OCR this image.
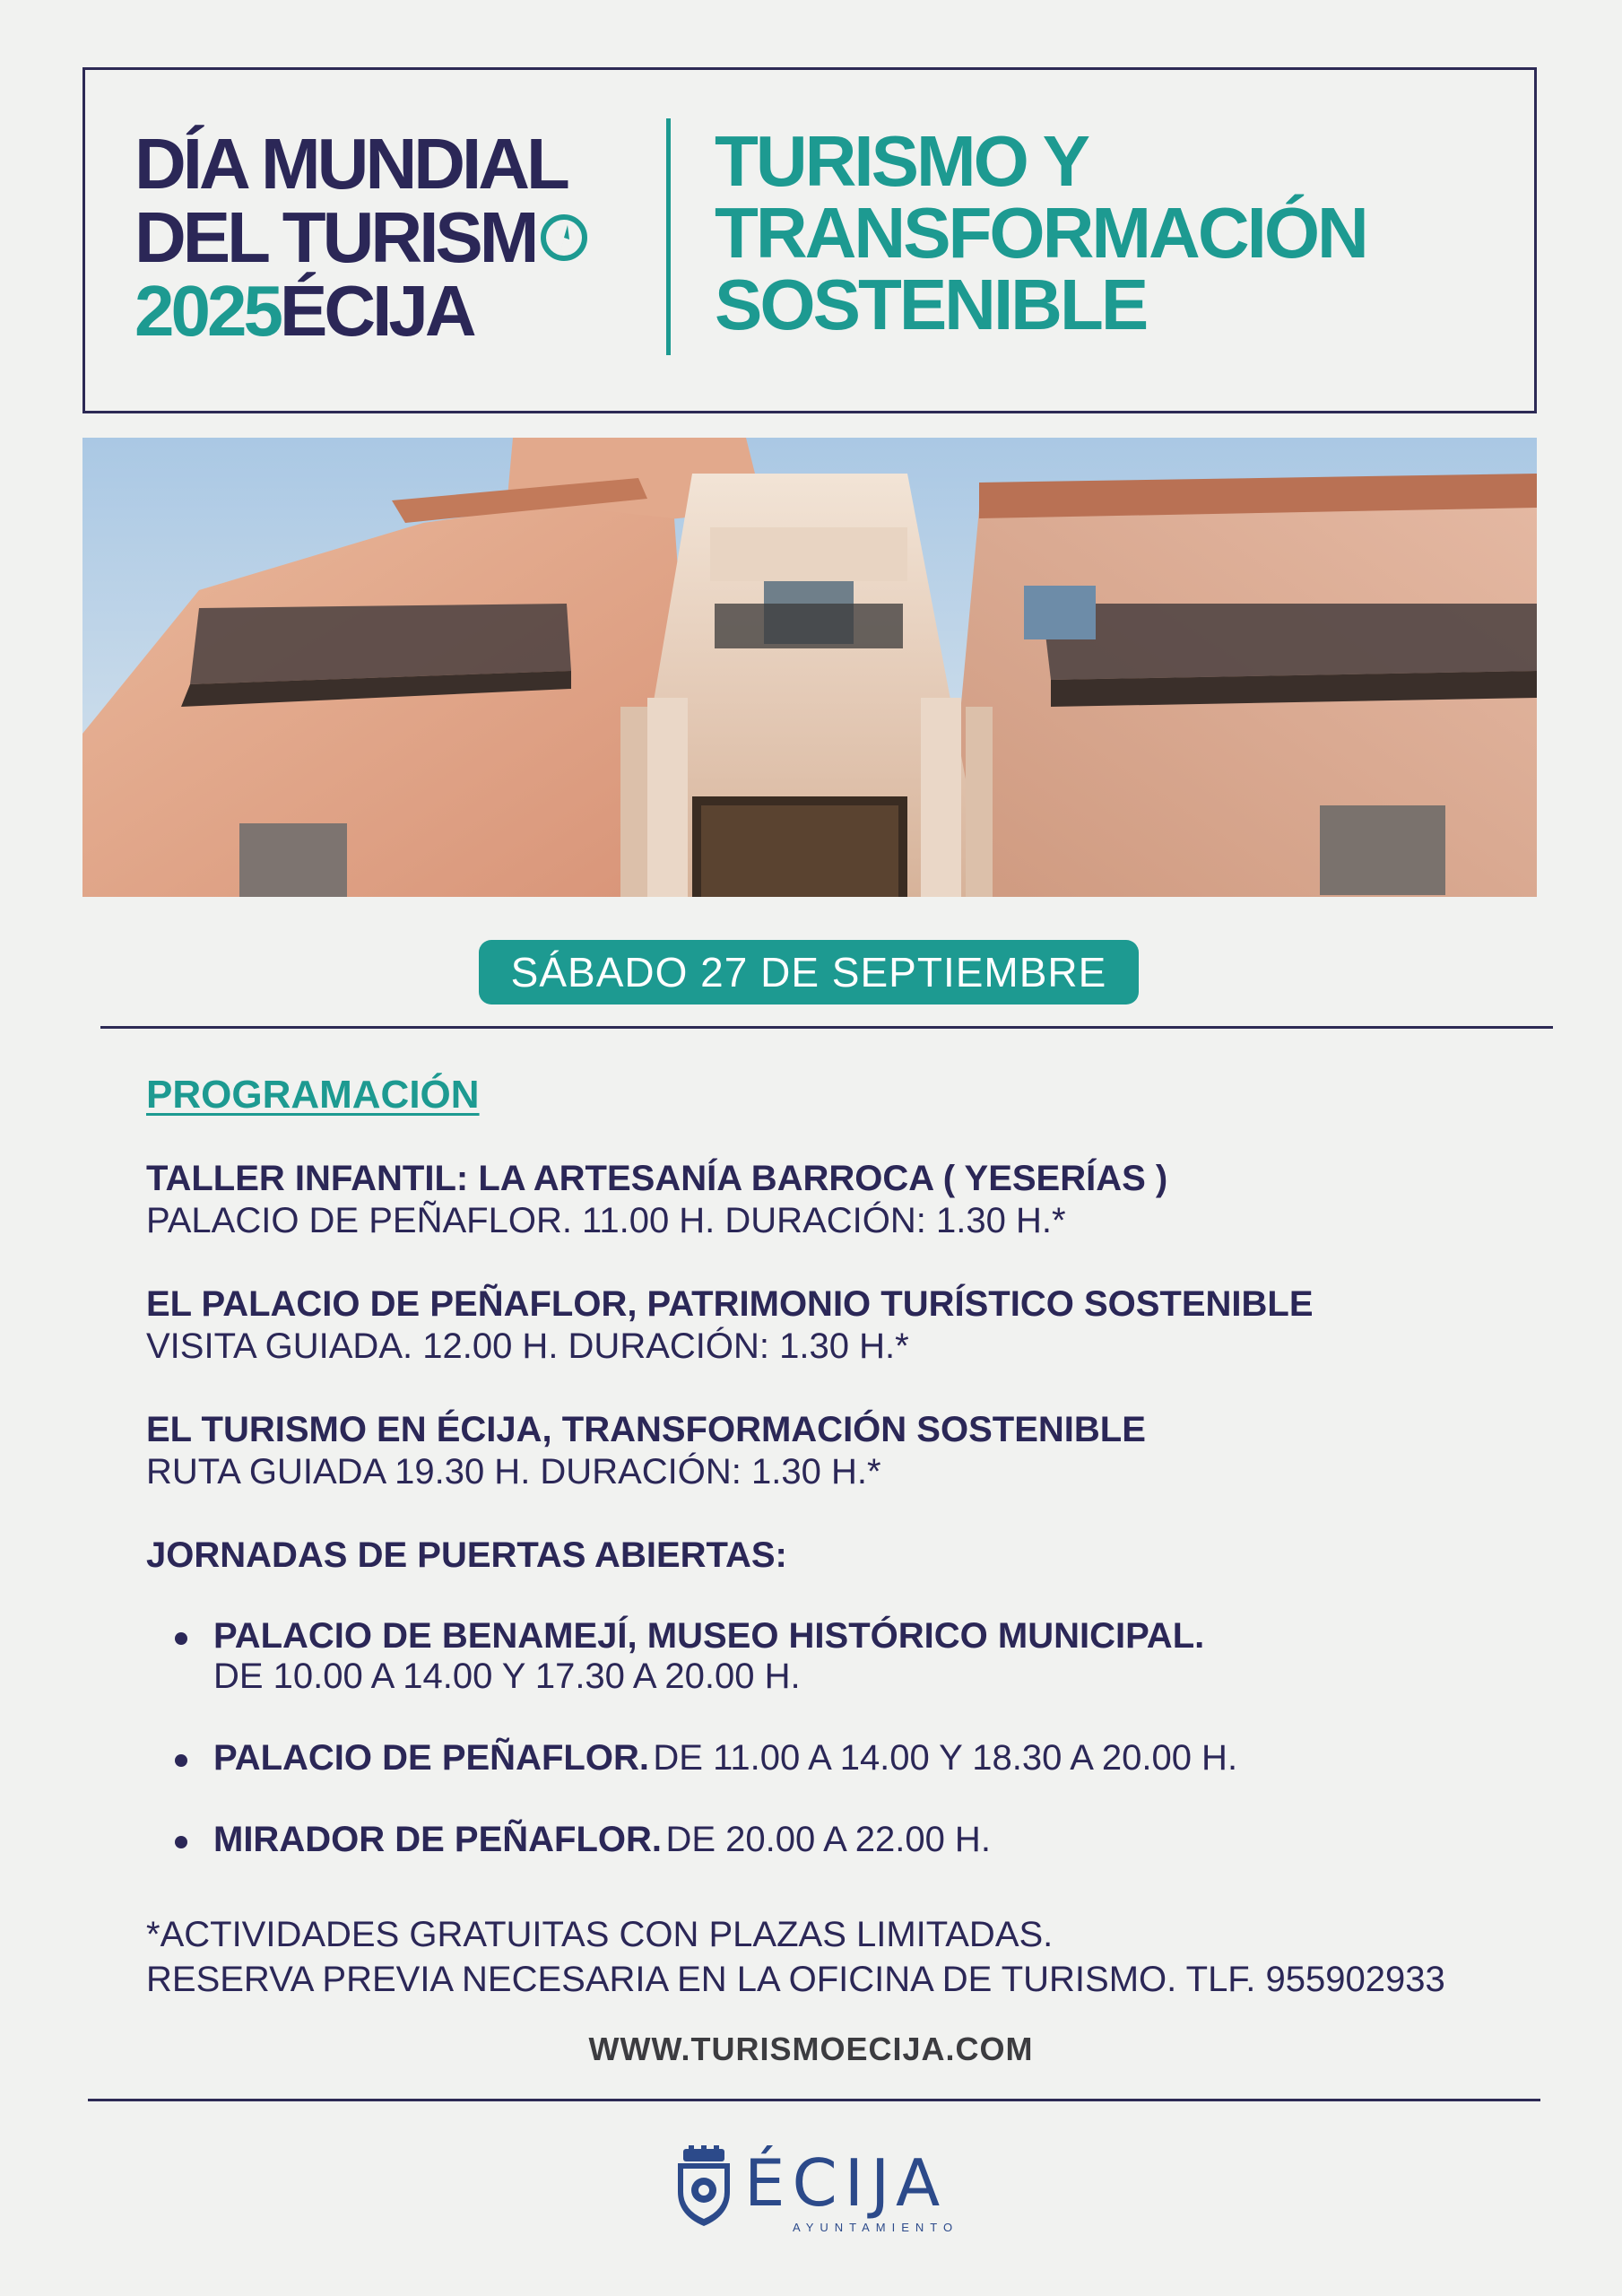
DÍA MUNDIAL
DEL TURISM
2025ÉCIJA
TURISMO Y
TRANSFORMACIÓN
SOSTENIBLE
SÁBADO 27 DE SEPTIEMBRE
PROGRAMACIÓN
TALLER INFANTIL: LA ARTESANÍA BARROCA ( YESERÍAS )
PALACIO DE PEÑAFLOR. 11.00 H. DURACIÓN: 1.30 H.*
EL PALACIO DE PEÑAFLOR, PATRIMONIO TURÍSTICO SOSTENIBLE
VISITA GUIADA. 12.00 H. DURACIÓN: 1.30 H.*
EL TURISMO EN ÉCIJA, TRANSFORMACIÓN SOSTENIBLE
RUTA GUIADA 19.30 H. DURACIÓN: 1.30 H.*
JORNADAS DE PUERTAS ABIERTAS:
PALACIO DE BENAMEJÍ, MUSEO HISTÓRICO MUNICIPAL.
DE 10.00 A 14.00 Y 17.30 A 20.00 H.
PALACIO DE PEÑAFLOR. DE 11.00 A 14.00 Y 18.30 A 20.00 H.
MIRADOR DE PEÑAFLOR. DE 20.00 A 22.00 H.
*ACTIVIDADES GRATUITAS CON PLAZAS LIMITADAS.
RESERVA PREVIA NECESARIA EN LA OFICINA DE TURISMO. TLF. 955902933
WWW.TURISMOECIJA.COM
ÉCIJA
AYUNTAMIENTO
